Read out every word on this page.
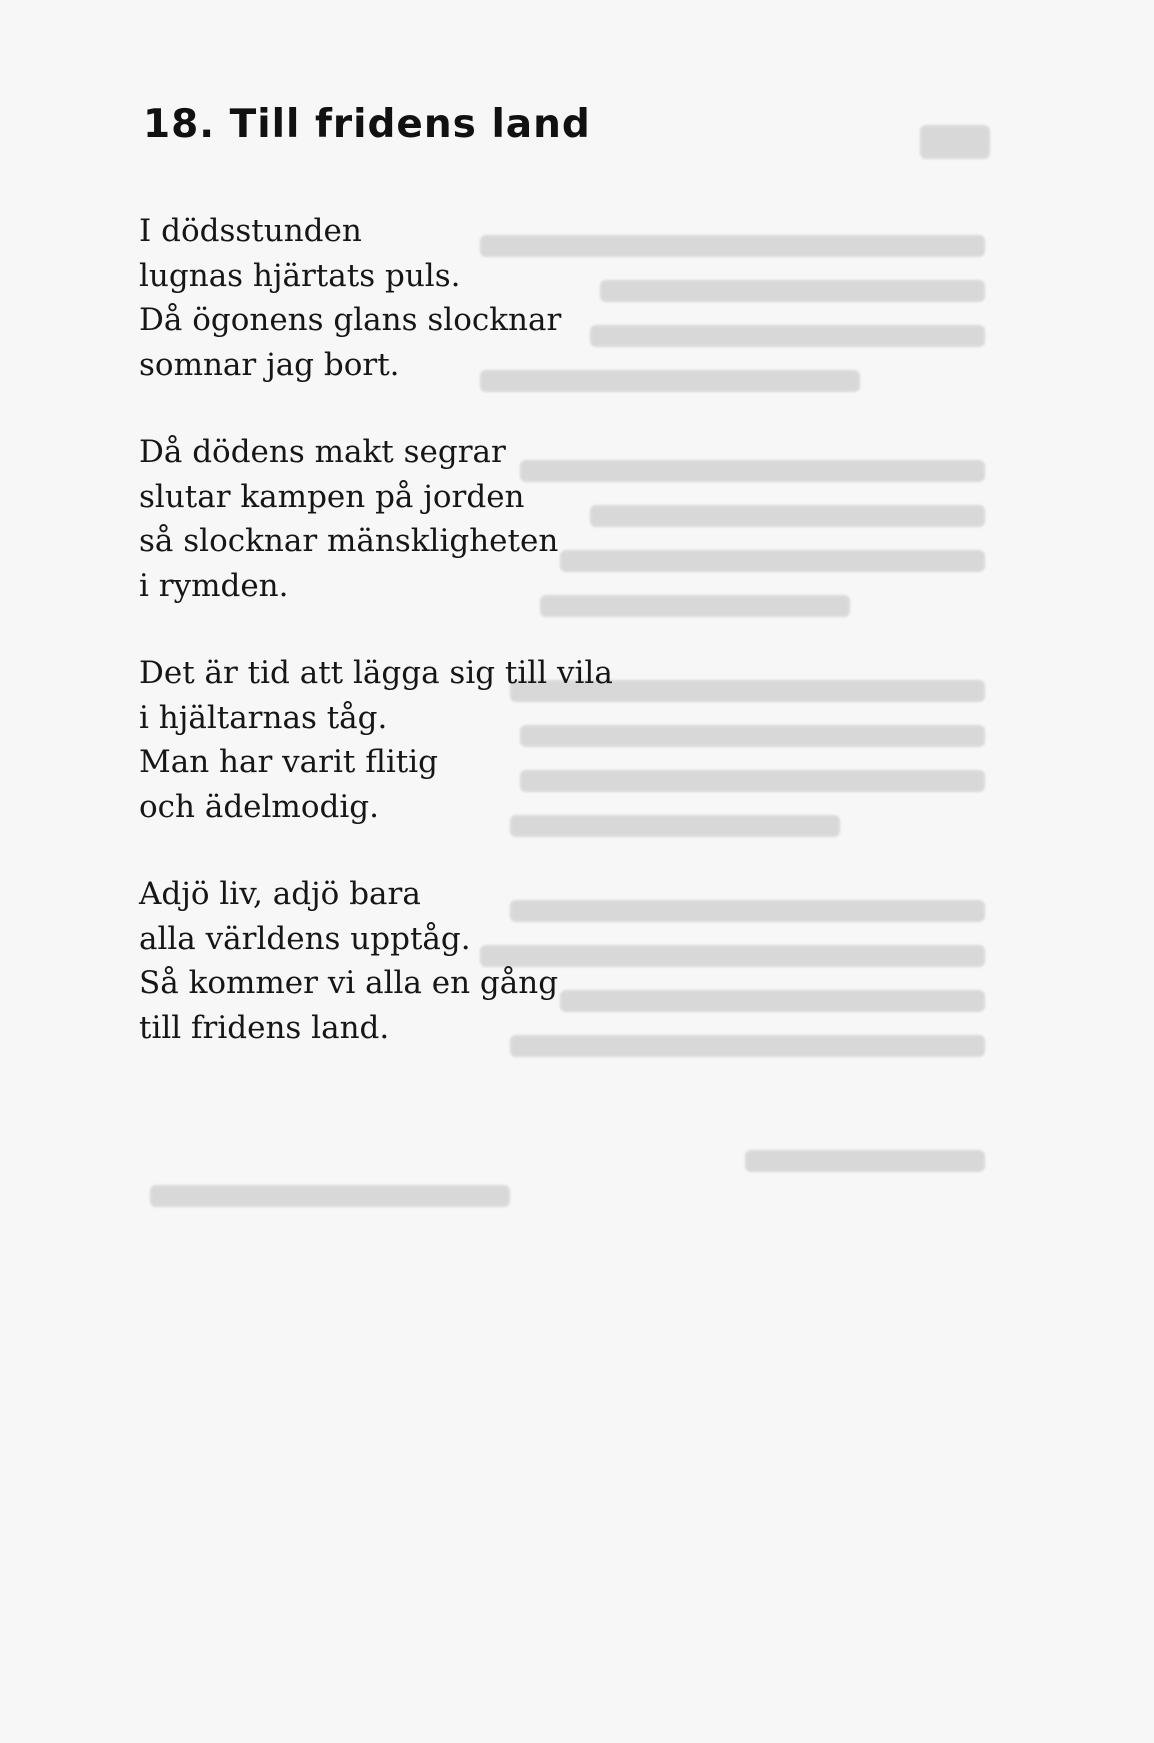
18. Till fridens land

I dödsstunden
lugnas hjärtats puls.
Då ögonens glans slocknar
somnar jag bort.

Då dödens makt segrar
slutar kampen på jorden
så slocknar mänskligheten
i rymden.

Det är tid att lägga sig till vila
i hjältarnas tåg.
Man har varit flitig
och ädelmodig.

Adjö liv, adjö bara
alla världens upptåg.
Så kommer vi alla en gång
till fridens land.
